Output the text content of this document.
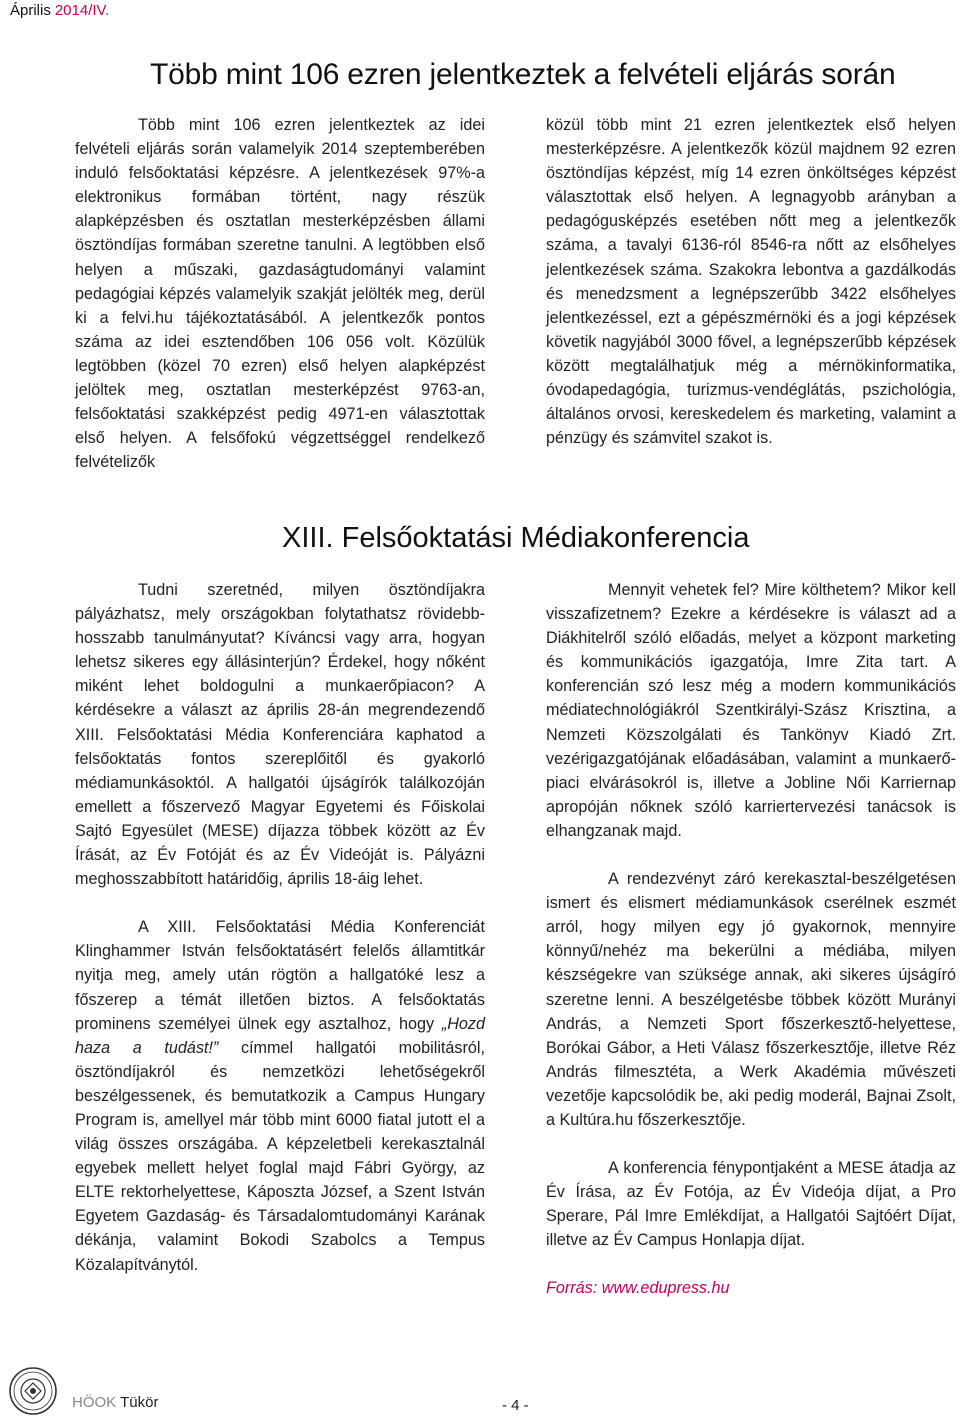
Április 2014/IV.
Több mint 106 ezren jelentkeztek a felvételi eljárás során

Több mint 106 ezren jelentkeztek az idei felvételi eljárás során valamelyik 2014 szeptemberében induló felsőoktatási képzésre. A jelentkezések 97%-a elektronikus formában történt, nagy részük alapképzésben és osztatlan mesterképzésben állami ösztöndíjas formában szeretne tanulni. A legtöbben első helyen a műszaki, gazdaságtudományi valamint pedagógiai képzés valamelyik szakját jelölték meg, derül ki a felvi.hu tájékoztatásából. A jelentkezők pontos száma az idei esztendőben 106 056 volt. Közülük legtöbben (közel 70 ezren) első helyen alapképzést jelöltek meg, osztatlan mesterképzést 9763-an, felsőoktatási szakképzést pedig 4971-en választottak első helyen. A felsőfokú végzettséggel rendelkező felvételizők

közül több mint 21 ezren jelentkeztek első helyen mesterképzésre. A jelentkezők közül majdnem 92 ezren ösztöndíjas képzést, míg 14 ezren önköltséges képzést választottak első helyen. A legnagyobb arányban a pedagógusképzés esetében nőtt meg a jelentkezők száma, a tavalyi 6136-ról 8546-ra nőtt az elsőhelyes jelentkezések száma. Szakokra lebontva a gazdálkodás és menedzsment a legnépszerűbb 3422 elsőhelyes jelentkezéssel, ezt a gépészmérnöki és a jogi képzések követik nagyjából 3000 fővel, a legnépszerűbb képzések között megtalálhatjuk még a mérnökinformatika, óvodapedagógia, turizmus-vendéglátás, pszichológia, általános orvosi, kereskedelem és marketing, valamint a pénzügy és számvitel szakot is.

XIII. Felsőoktatási Médiakonferencia

Tudni szeretnéd, milyen ösztöndíjakra pályázhatsz, mely országokban folytathatsz rövidebb-hosszabb tanulmányutat? Kíváncsi vagy arra, hogyan lehetsz sikeres egy állásinterjún? Érdekel, hogy nőként miként lehet boldogulni a munkaerőpiacon? A kérdésekre a választ az április 28-án megrendezendő XIII. Felsőoktatási Média Konferenciára kaphatod a felsőoktatás fontos szereplőitől és gyakorló médiamunkásoktól. A hallgatói újságírók találkozóján emellett a főszervező Magyar Egyetemi és Főiskolai Sajtó Egyesület (MESE) díjazza többek között az Év Írását, az Év Fotóját és az Év Videóját is. Pályázni meghosszabbított határidőig, április 18-áig lehet.

A XIII. Felsőoktatási Média Konferenciát Klinghammer István felsőoktatásért felelős államtitkár nyitja meg, amely után rögtön a hallgatóké lesz a főszerep a témát illetően biztos. A felsőoktatás prominens személyei ülnek egy asztalhoz, hogy „Hozd haza a tudást!” címmel hallgatói mobilitásról, ösztöndíjakról és nemzetközi lehetőségekről beszélgessenek, és bemutatkozik a Campus Hungary Program is, amellyel már több mint 6000 fiatal jutott el a világ összes országába. A képzeletbeli kerekasztalnál egyebek mellett helyet foglal majd Fábri György, az ELTE rektorhelyettese, Káposzta József, a Szent István Egyetem Gazdaság- és Társadalomtudományi Karának dékánja, valamint Bokodi Szabolcs a Tempus Közalapítványtól.

Mennyit vehetek fel? Mire költhetem? Mikor kell visszafizetnem? Ezekre a kérdésekre is választ ad a Diákhitelről szóló előadás, melyet a központ marketing és kommunikációs igazgatója, Imre Zita tart. A konferencián szó lesz még a modern kommunikációs médiatechnológiákról Szentkirályi-Szász Krisztina, a Nemzeti Közszolgálati és Tankönyv Kiadó Zrt. vezérigazgatójának előadásában, valamint a munkaerő-piaci elvárásokról is, illetve a Jobline Női Karriernap apropóján nőknek szóló karriertervezési tanácsok is elhangzanak majd.

A rendezvényt záró kerekasztal-beszélgetésen ismert és elismert médiamunkások cserélnek eszmét arról, hogy milyen egy jó gyakornok, mennyire könnyű/nehéz ma bekerülni a médiába, milyen készségekre van szüksége annak, aki sikeres újságíró szeretne lenni. A beszélgetésbe többek között Murányi András, a Nemzeti Sport főszerkesztő-helyettese, Borókai Gábor, a Heti Válasz főszerkesztője, illetve Réz András filmesztéta, a Werk Akadémia művészeti vezetője kapcsolódik be, aki pedig moderál, Bajnai Zsolt, a Kultúra.hu főszerkesztője.

A konferencia fénypontjaként a MESE átadja az Év Írása, az Év Fotója, az Év Videója díjat, a Pro Sperare, Pál Imre Emlékdíjat, a Hallgatói Sajtóért Díjat, illetve az Év Campus Honlapja díjat.

Forrás: www.edupress.hu

HÖOK Tükör	- 4 -
